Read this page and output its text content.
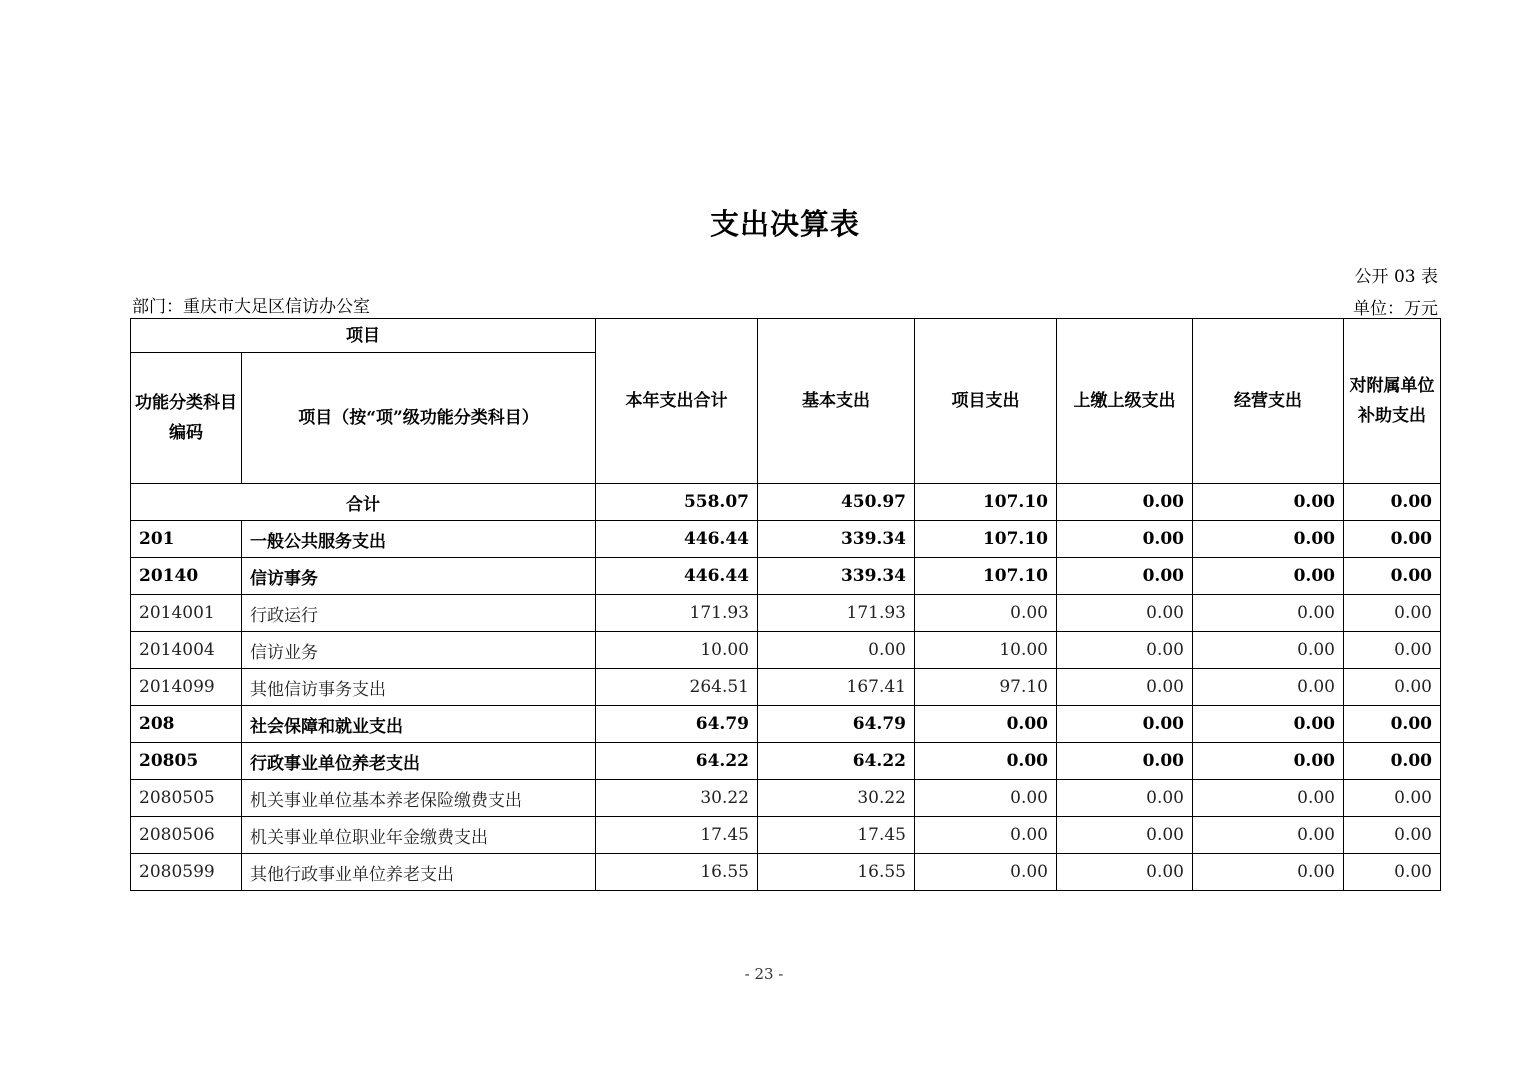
支出决算表
公开 03 表
部门：重庆市大足区信访办公室	单位：万元
项目		本年支出合计	基本支出	项目支出	上缴上级支出	经营支出	对附属单位补助支出
功能分类科目编码	项目（按“项”级功能分类科目）						
合计		558.07	450.97	107.10	0.00	0.00	0.00
201	一般公共服务支出	446.44	339.34	107.10	0.00	0.00	0.00
20140	信访事务	446.44	339.34	107.10	0.00	0.00	0.00
2014001	行政运行	171.93	171.93	0.00	0.00	0.00	0.00
2014004	信访业务	10.00	0.00	10.00	0.00	0.00	0.00
2014099	其他信访事务支出	264.51	167.41	97.10	0.00	0.00	0.00
208	社会保障和就业支出	64.79	64.79	0.00	0.00	0.00	0.00
20805	行政事业单位养老支出	64.22	64.22	0.00	0.00	0.00	0.00
2080505	机关事业单位基本养老保险缴费支出	30.22	30.22	0.00	0.00	0.00	0.00
2080506	机关事业单位职业年金缴费支出	17.45	17.45	0.00	0.00	0.00	0.00
2080599	其他行政事业单位养老支出	16.55	16.55	0.00	0.00	0.00	0.00
- 23 -
